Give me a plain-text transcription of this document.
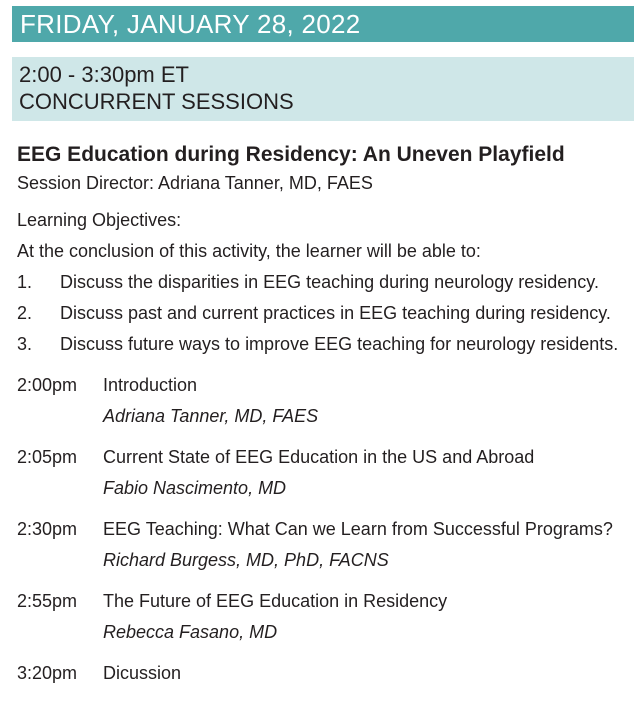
FRIDAY, JANUARY 28, 2022
2:00 - 3:30pm ET
CONCURRENT SESSIONS
EEG Education during Residency: An Uneven Playfield
Session Director: Adriana Tanner, MD, FAES
Learning Objectives:
At the conclusion of this activity, the learner will be able to:
1.	Discuss the disparities in EEG teaching during neurology residency.
2.	Discuss past and current practices in EEG teaching during residency.
3.	Discuss future ways to improve EEG teaching for neurology residents.
2:00pm	Introduction
Adriana Tanner, MD, FAES
2:05pm	Current State of EEG Education in the US and Abroad
Fabio Nascimento, MD
2:30pm	EEG Teaching: What Can we Learn from Successful Programs?
Richard Burgess, MD, PhD, FACNS
2:55pm	The Future of EEG Education in Residency
Rebecca Fasano, MD
3:20pm	Dicussion
